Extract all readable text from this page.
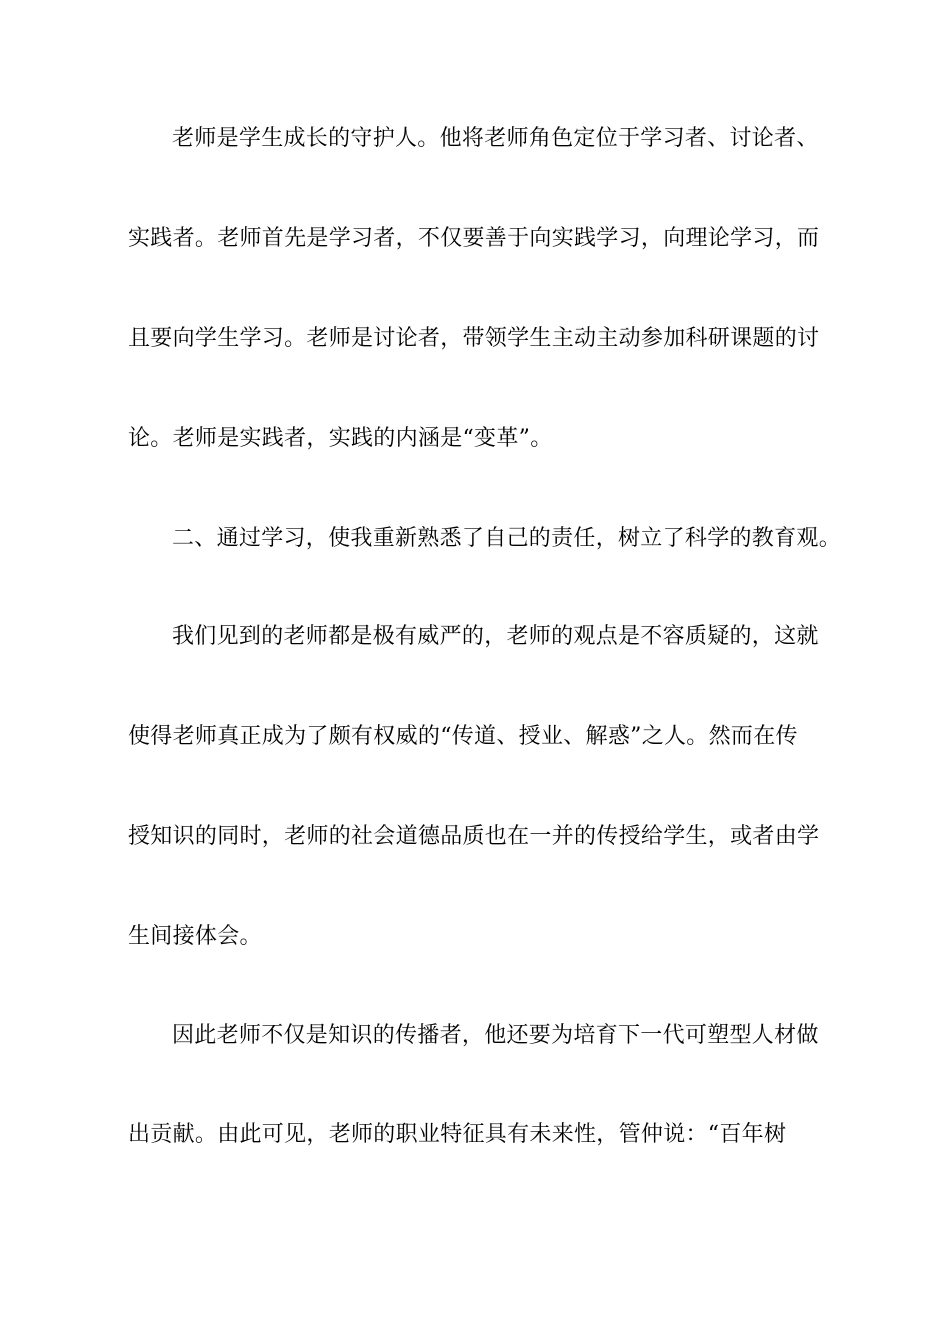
老师是学生成长的守护人。他将老师角色定位于学习者、讨论者、
实践者。老师首先是学习者，不仅要善于向实践学习，向理论学习，而
且要向学生学习。老师是讨论者，带领学生主动主动参加科研课题的讨
论。老师是实践者，实践的内涵是“变革”。
二、通过学习，使我重新熟悉了自己的责任，树立了科学的教育观。
我们见到的老师都是极有威严的，老师的观点是不容质疑的，这就
使得老师真正成为了颇有权威的“传道、授业、解惑”之人。然而在传
授知识的同时，老师的社会道德品质也在一并的传授给学生，或者由学
生间接体会。
因此老师不仅是知识的传播者，他还要为培育下一代可塑型人材做
出贡献。由此可见，老师的职业特征具有未来性，管仲说：“百年树
